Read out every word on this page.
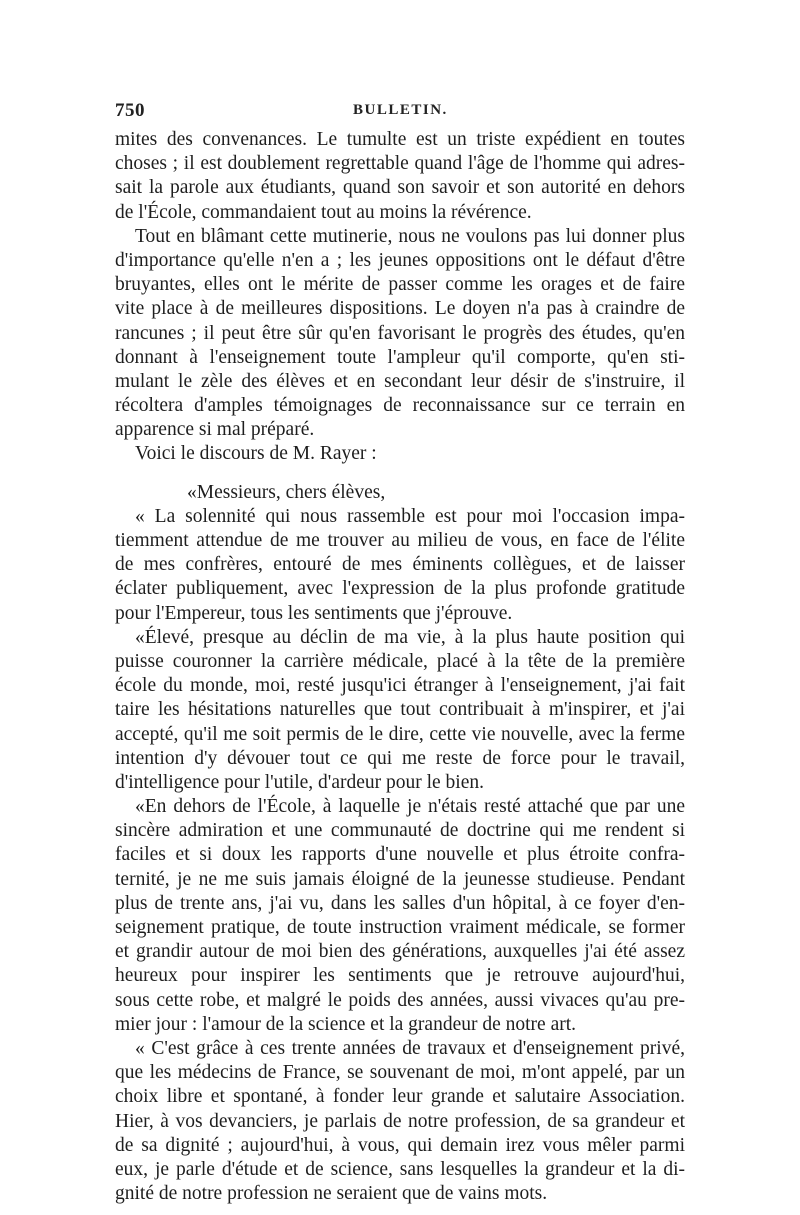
750	BULLETIN.
mites des convenances. Le tumulte est un triste expédient en toutes
choses ; il est doublement regrettable quand l'âge de l'homme qui adres-
sait la parole aux étudiants, quand son savoir et son autorité en dehors
de l'École, commandaient tout au moins la révérence.
Tout en blâmant cette mutinerie, nous ne voulons pas lui donner plus
d'importance qu'elle n'en a ; les jeunes oppositions ont le défaut d'être
bruyantes, elles ont le mérite de passer comme les orages et de faire
vite place à de meilleures dispositions. Le doyen n'a pas à craindre de
rancunes ; il peut être sûr qu'en favorisant le progrès des études, qu'en
donnant à l'enseignement toute l'ampleur qu'il comporte, qu'en sti-
mulant le zèle des élèves et en secondant leur désir de s'instruire, il
récoltera d'amples témoignages de reconnaissance sur ce terrain en
apparence si mal préparé.
Voici le discours de M. Rayer :
«Messieurs, chers élèves,
« La solennité qui nous rassemble est pour moi l'occasion impa-
tiemment attendue de me trouver au milieu de vous, en face de l'élite
de mes confrères, entouré de mes éminents collègues, et de laisser
éclater publiquement, avec l'expression de la plus profonde gratitude
pour l'Empereur, tous les sentiments que j'éprouve.
«Élevé, presque au déclin de ma vie, à la plus haute position qui
puisse couronner la carrière médicale, placé à la tête de la première
école du monde, moi, resté jusqu'ici étranger à l'enseignement, j'ai fait
taire les hésitations naturelles que tout contribuait à m'inspirer, et j'ai
accepté, qu'il me soit permis de le dire, cette vie nouvelle, avec la ferme
intention d'y dévouer tout ce qui me reste de force pour le travail,
d'intelligence pour l'utile, d'ardeur pour le bien.
«En dehors de l'École, à laquelle je n'étais resté attaché que par une
sincère admiration et une communauté de doctrine qui me rendent si
faciles et si doux les rapports d'une nouvelle et plus étroite confra-
ternité, je ne me suis jamais éloigné de la jeunesse studieuse. Pendant
plus de trente ans, j'ai vu, dans les salles d'un hôpital, à ce foyer d'en-
seignement pratique, de toute instruction vraiment médicale, se former
et grandir autour de moi bien des générations, auxquelles j'ai été assez
heureux pour inspirer les sentiments que je retrouve aujourd'hui,
sous cette robe, et malgré le poids des années, aussi vivaces qu'au pre-
mier jour : l'amour de la science et la grandeur de notre art.
« C'est grâce à ces trente années de travaux et d'enseignement privé,
que les médecins de France, se souvenant de moi, m'ont appelé, par un
choix libre et spontané, à fonder leur grande et salutaire Association.
Hier, à vos devanciers, je parlais de notre profession, de sa grandeur et
de sa dignité ; aujourd'hui, à vous, qui demain irez vous mêler parmi
eux, je parle d'étude et de science, sans lesquelles la grandeur et la di-
gnité de notre profession ne seraient que de vains mots.
